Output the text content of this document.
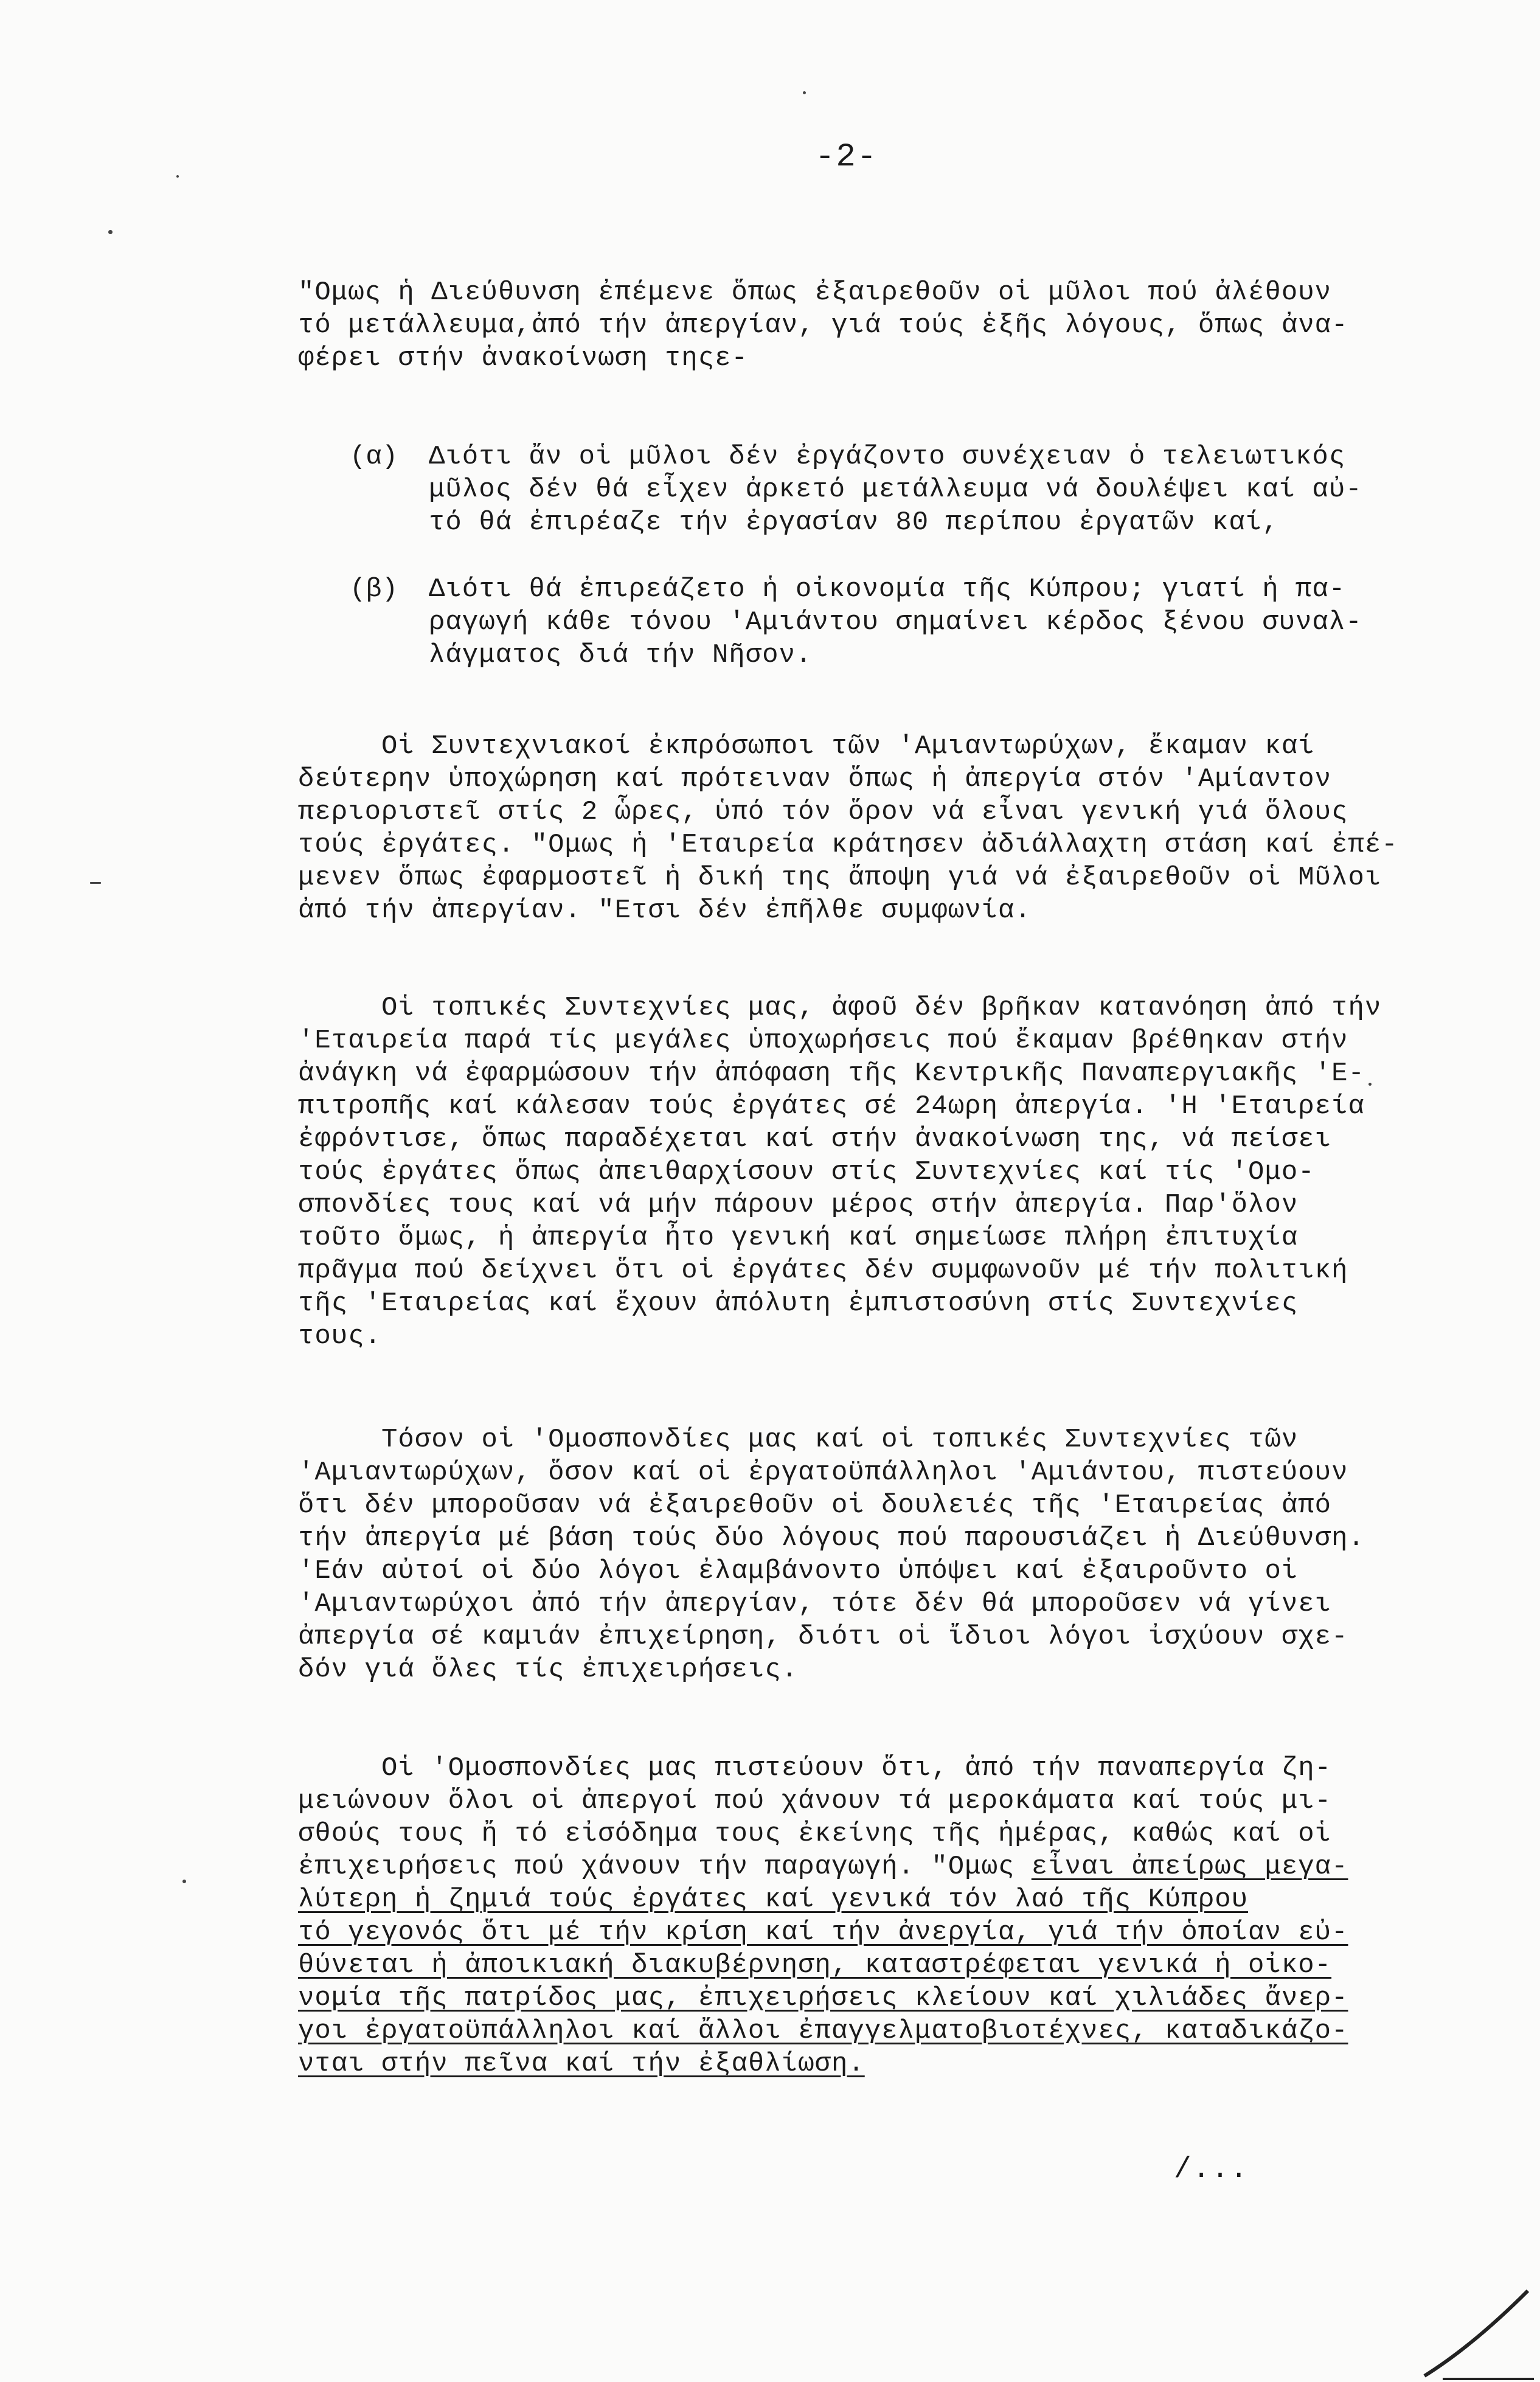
-2-
"Ομως ἡ Διεύθυνση ἐπέμενε ὅπως ἐξαιρεθοῦν οἱ μῦλοι πού ἀλέθουν
τό μετάλλευμα,ἀπό τήν ἀπεργίαν, γιά τούς ἑξῆς λόγους, ὅπως ἀνα-
φέρει στήν ἀνακοίνωση τηςε-
(α) Διότι ἄν οἱ μῦλοι δέν ἐργάζοντο συνέχειαν ὁ τελειωτικός
μῦλος δέν θά εἶχεν ἀρκετό μετάλλευμα νά δουλέψει καί αὐ-
τό θά ἐπιρέαζε τήν ἐργασίαν 80 περίπου ἐργατῶν καί,
(β) Διότι θά ἐπιρεάζετο ἡ οἰκονομία τῆς Κύπρου; γιατί ἡ πα-
ραγωγή κάθε τόνου 'Αμιάντου σημαίνει κέρδος ξένου συναλ-
λάγματος διά τήν Νῆσον.
Οἱ Συντεχνιακοί ἐκπρόσωποι τῶν 'Αμιαντωρύχων, ἔκαμαν καί
δεύτερην ὑποχώρηση καί πρότειναν ὅπως ἡ ἀπεργία στόν 'Αμίαντον
περιοριστεῖ στίς 2 ὧρες, ὑπό τόν ὅρον νά εἶναι γενική γιά ὅλους
τούς ἐργάτες. "Ομως ἡ 'Εταιρεία κράτησεν ἀδιάλλαχτη στάση καί ἐπέ-
μενεν ὅπως ἐφαρμοστεῖ ἡ δική της ἄποψη γιά νά ἐξαιρεθοῦν οἱ Μῦλοι
ἀπό τήν ἀπεργίαν. "Ετσι δέν ἐπῆλθε συμφωνία.
Οἱ τοπικές Συντεχνίες μας, ἀφοῦ δέν βρῆκαν κατανόηση ἀπό τήν
'Εταιρεία παρά τίς μεγάλες ὑποχωρήσεις πού ἔκαμαν βρέθηκαν στήν
ἀνάγκη νά ἐφαρμώσουν τήν ἀπόφαση τῆς Κεντρικῆς Παναπεργιακῆς 'Ε-
πιτροπῆς καί κάλεσαν τούς ἐργάτες σέ 24ωρη ἀπεργία. 'Η 'Εταιρεία
ἐφρόντισε, ὅπως παραδέχεται καί στήν ἀνακοίνωση της, νά πείσει
τούς ἐργάτες ὅπως ἀπειθαρχίσουν στίς Συντεχνίες καί τίς 'Ομο-
σπονδίες τους καί νά μήν πάρουν μέρος στήν ἀπεργία. Παρ'ὅλον
τοῦτο ὅμως, ἡ ἀπεργία ἦτο γενική καί σημείωσε πλήρη ἐπιτυχία
πρᾶγμα πού δείχνει ὅτι οἱ ἐργάτες δέν συμφωνοῦν μέ τήν πολιτική
τῆς 'Εταιρείας καί ἔχουν ἀπόλυτη ἐμπιστοσύνη στίς Συντεχνίες
τους.
Τόσον οἱ 'Ομοσπονδίες μας καί οἱ τοπικές Συντεχνίες τῶν
'Αμιαντωρύχων, ὅσον καί οἱ ἐργατοϋπάλληλοι 'Αμιάντου, πιστεύουν
ὅτι δέν μποροῦσαν νά ἐξαιρεθοῦν οἱ δουλειές τῆς 'Εταιρείας ἀπό
τήν ἀπεργία μέ βάση τούς δύο λόγους πού παρουσιάζει ἡ Διεύθυνση.
'Εάν αὐτοί οἱ δύο λόγοι ἐλαμβάνοντο ὑπόψει καί ἐξαιροῦντο οἱ
'Αμιαντωρύχοι ἀπό τήν ἀπεργίαν, τότε δέν θά μποροῦσεν νά γίνει
ἀπεργία σέ καμιάν ἐπιχείρηση, διότι οἱ ἴδιοι λόγοι ἰσχύουν σχε-
δόν γιά ὅλες τίς ἐπιχειρήσεις.
Οἱ 'Ομοσπονδίες μας πιστεύουν ὅτι, ἀπό τήν παναπεργία ζη-
μειώνουν ὅλοι οἱ ἀπεργοί πού χάνουν τά μεροκάματα καί τούς μι-
σθούς τους ἤ τό εἰσόδημα τους ἐκείνης τῆς ἡμέρας, καθώς καί οἱ
ἐπιχειρήσεις πού χάνουν τήν παραγωγή. "Ομως εἶναι ἀπείρως μεγα-
λύτερη ἡ ζημιά τούς ἐργάτες καί γενικά τόν λαό τῆς Κύπρου
τό γεγονός ὅτι μέ τήν κρίση καί τήν ἀνεργία, γιά τήν ὁποίαν εὐ-
θύνεται ἡ ἀποικιακή διακυβέρνηση, καταστρέφεται γενικά ἡ οἰκο-
νομία τῆς πατρίδος μας, ἐπιχειρήσεις κλείουν καί χιλιάδες ἄνερ-
γοι ἐργατοϋπάλληλοι καί ἄλλοι ἐπαγγελματοβιοτέχνες, καταδικάζο-
νται στήν πεῖνα καί τήν ἐξαθλίωση.
/...
